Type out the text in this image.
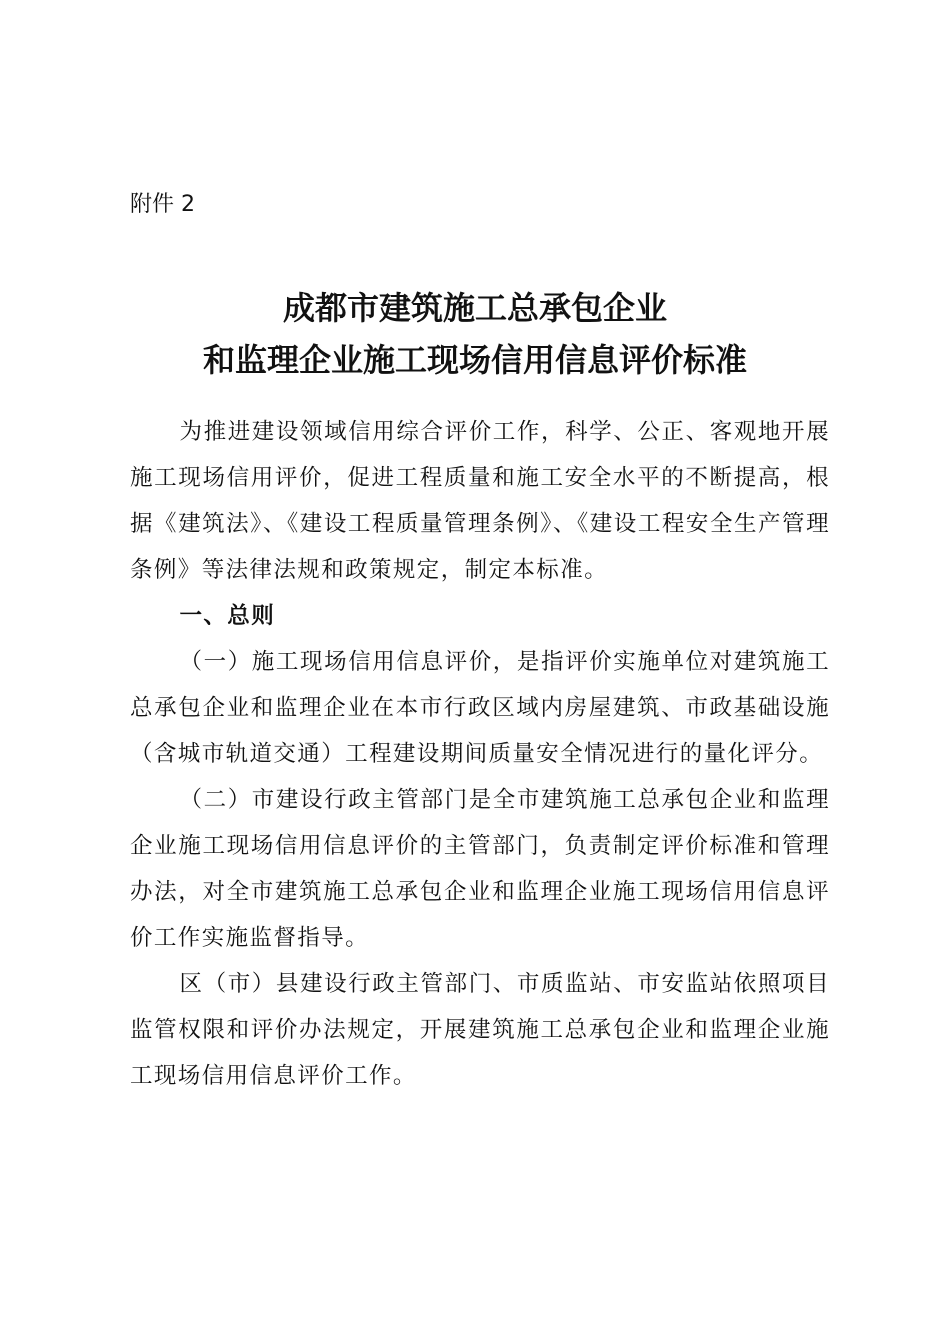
附件 2
成都市建筑施工总承包企业
和监理企业施工现场信用信息评价标准

为推进建设领域信用综合评价工作，科学、公正、客观地开展施工现场信用评价，促进工程质量和施工安全水平的不断提高，根据《建筑法》、《建设工程质量管理条例》、《建设工程安全生产管理条例》等法律法规和政策规定，制定本标准。

一、总则

（一）施工现场信用信息评价，是指评价实施单位对建筑施工总承包企业和监理企业在本市行政区域内房屋建筑、市政基础设施（含城市轨道交通）工程建设期间质量安全情况进行的量化评分。

（二）市建设行政主管部门是全市建筑施工总承包企业和监理企业施工现场信用信息评价的主管部门，负责制定评价标准和管理办法，对全市建筑施工总承包企业和监理企业施工现场信用信息评价工作实施监督指导。

区（市）县建设行政主管部门、市质监站、市安监站依照项目监管权限和评价办法规定，开展建筑施工总承包企业和监理企业施工现场信用信息评价工作。
